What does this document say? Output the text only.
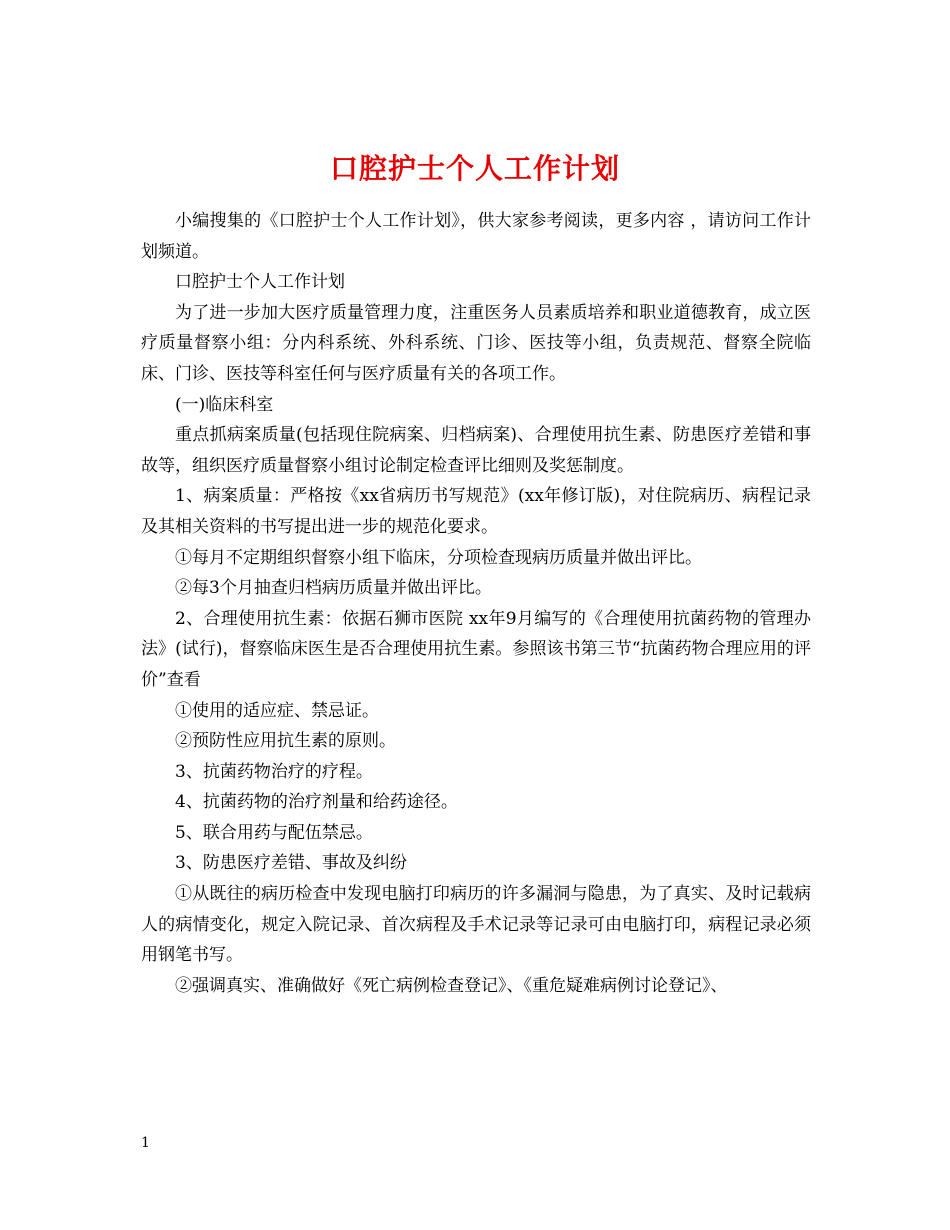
口腔护士个人工作计划

小编搜集的《口腔护士个人工作计划》，供大家参考阅读，更多内容 ，请访问工作计划频道。

口腔护士个人工作计划

为了进一步加大医疗质量管理力度，注重医务人员素质培养和职业道德教育，成立医疗质量督察小组：分内科系统、外科系统、门诊、医技等小组，负责规范、督察全院临床、门诊、医技等科室任何与医疗质量有关的各项工作。

(一)临床科室

重点抓病案质量(包括现住院病案、归档病案)、合理使用抗生素、防患医疗差错和事故等，组织医疗质量督察小组讨论制定检查评比细则及奖惩制度。

1、病案质量：严格按《xx省病历书写规范》(xx年修订版)，对住院病历、病程记录及其相关资料的书写提出进一步的规范化要求。

①每月不定期组织督察小组下临床，分项检查现病历质量并做出评比。

②每3个月抽查归档病历质量并做出评比。

2、合理使用抗生素：依据石狮市医院 xx年9月编写的《合理使用抗菌药物的管理办法》(试行)，督察临床医生是否合理使用抗生素。参照该书第三节“抗菌药物合理应用的评价”查看

①使用的适应症、禁忌证。

②预防性应用抗生素的原则。

3、抗菌药物治疗的疗程。

4、抗菌药物的治疗剂量和给药途径。

5、联合用药与配伍禁忌。

3、防患医疗差错、事故及纠纷

①从既往的病历检查中发现电脑打印病历的许多漏洞与隐患，为了真实、及时记载病人的病情变化，规定入院记录、首次病程及手术记录等记录可由电脑打印，病程记录必须用钢笔书写。

②强调真实、准确做好《死亡病例检查登记》、《重危疑难病例讨论登记》、

1
